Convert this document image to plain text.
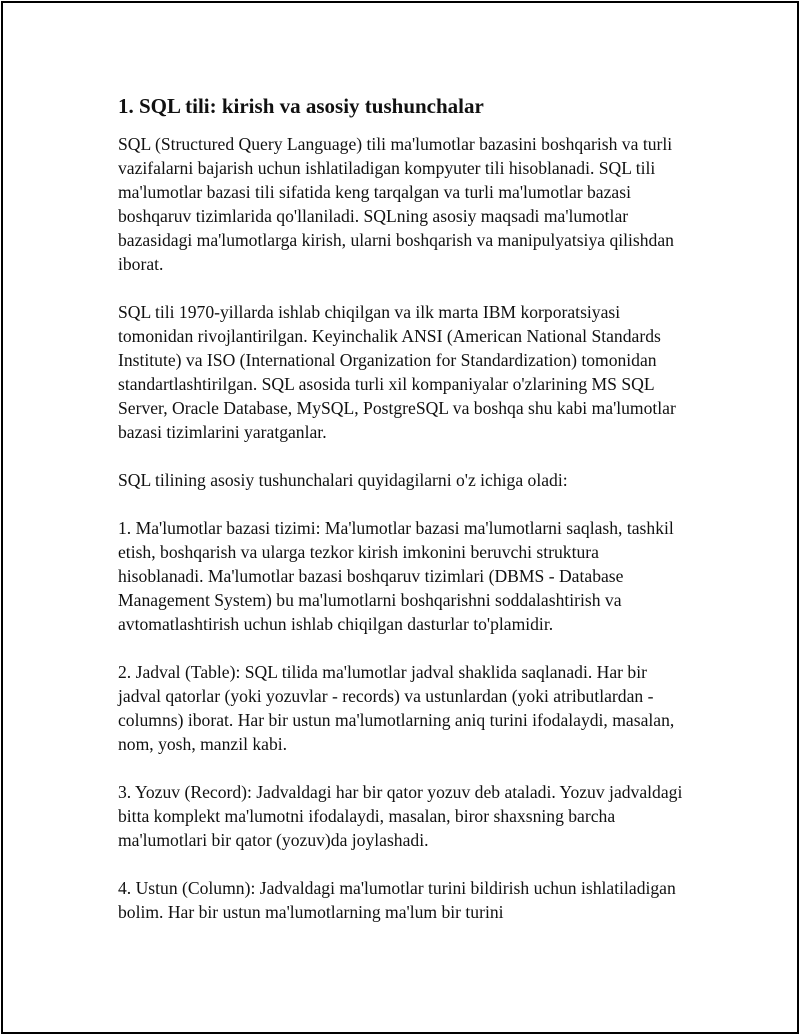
1. SQL tili: kirish va asosiy tushunchalar

SQL (Structured Query Language) tili ma'lumotlar bazasini boshqarish va turli vazifalarni bajarish uchun ishlatiladigan kompyuter tili hisoblanadi. SQL tili ma'lumotlar bazasi tili sifatida keng tarqalgan va turli ma'lumotlar bazasi boshqaruv tizimlarida qo'llaniladi. SQLning asosiy maqsadi ma'lumotlar bazasidagi ma'lumotlarga kirish, ularni boshqarish va manipulyatsiya qilishdan iborat.

SQL tili 1970-yillarda ishlab chiqilgan va ilk marta IBM korporatsiyasi tomonidan rivojlantirilgan. Keyinchalik ANSI (American National Standards Institute) va ISO (International Organization for Standardization) tomonidan standartlashtirilgan. SQL asosida turli xil kompaniyalar o'zlarining MS SQL Server, Oracle Database, MySQL, PostgreSQL va boshqa shu kabi ma'lumotlar bazasi tizimlarini yaratganlar.

SQL tilining asosiy tushunchalari quyidagilarni o'z ichiga oladi:

1. Ma'lumotlar bazasi tizimi: Ma'lumotlar bazasi ma'lumotlarni saqlash, tashkil etish, boshqarish va ularga tezkor kirish imkonini beruvchi struktura hisoblanadi. Ma'lumotlar bazasi boshqaruv tizimlari (DBMS - Database Management System) bu ma'lumotlarni boshqarishni soddalashtirish va avtomatlashtirish uchun ishlab chiqilgan dasturlar to'plamidir.

2. Jadval (Table): SQL tilida ma'lumotlar jadval shaklida saqlanadi. Har bir jadval qatorlar (yoki yozuvlar - records) va ustunlardan (yoki atributlardan - columns) iborat. Har bir ustun ma'lumotlarning aniq turini ifodalaydi, masalan, nom, yosh, manzil kabi.

3. Yozuv (Record): Jadvaldagi har bir qator yozuv deb ataladi. Yozuv jadvaldagi bitta komplekt ma'lumotni ifodalaydi, masalan, biror shaxsning barcha ma'lumotlari bir qator (yozuv)da joylashadi.

4. Ustun (Column): Jadvaldagi ma'lumotlar turini bildirish uchun ishlatiladigan bolim. Har bir ustun ma'lumotlarning ma'lum bir turini
